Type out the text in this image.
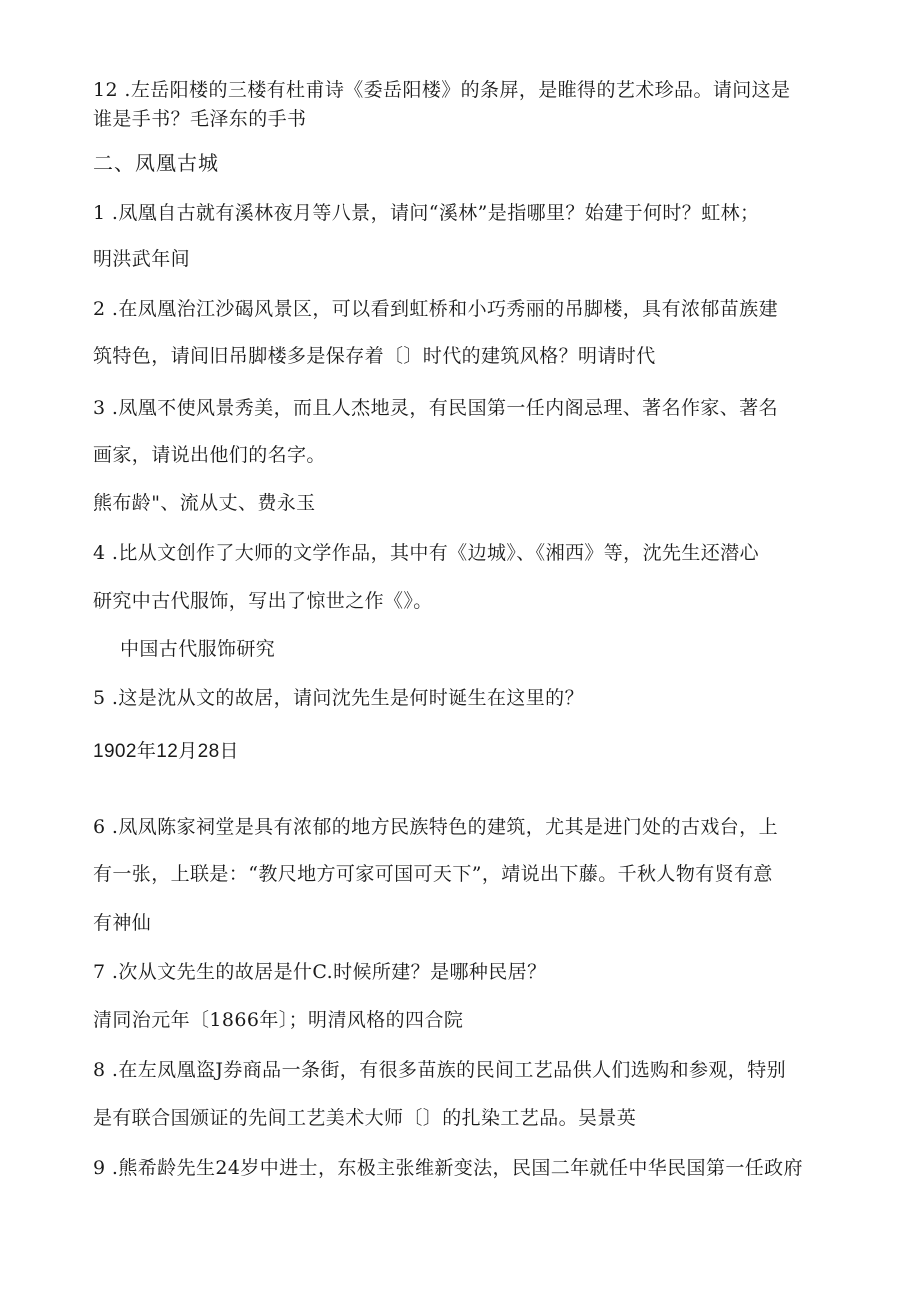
12 .左岳阳楼的三楼有杜甫诗《委岳阳楼》的条屏，是睢得的艺术珍品。请问这是
谁是手书？毛泽东的手书
二、凤凰古城
1 .凤凰自古就有溪林夜月等八景，请问“溪林”是指哪里？始建于何时？虹林；
明洪武年间
2 .在凤凰治江沙碣风景区，可以看到虹桥和小巧秀丽的吊脚楼，具有浓郁苗族建
筑特色，请间旧吊脚楼多是保存着〔〕时代的建筑风格？明请时代
3 .凤凰不使风景秀美，而且人杰地灵，有民国第一任内阁忌理、著名作家、著名
画家，请说出他们的名字。
熊布龄"、流从丈、费永玉
4 .比从文创作了大师的文学作品，其中有《边城》、《湘西》等，沈先生还潜心
研究中古代服饰，写出了惊世之作《》。
中国古代服饰研究
5 .这是沈从文的故居，请问沈先生是何时诞生在这里的？
1902年12月28日
6 .凤凤陈家祠堂是具有浓郁的地方民族特色的建筑，尤其是进门处的古戏台，上
有一张，上联是：“教尺地方可家可国可天下”，靖说出下藤。千秋人物有贤有意
有神仙
7 .次从文先生的故居是什C.时候所建？是哪种民居？
清同治元年〔1866年〕；明清风格的四合院
8 .在左凤凰盗J券商品一条街，有很多苗族的民间工艺品供人们选购和参观，特别
是有联合国颁证的先间工艺美术大师〔〕的扎染工艺品。吴景英
9 .熊希龄先生24岁中进士，东极主张维新变法，民国二年就任中华民国第一任政府
